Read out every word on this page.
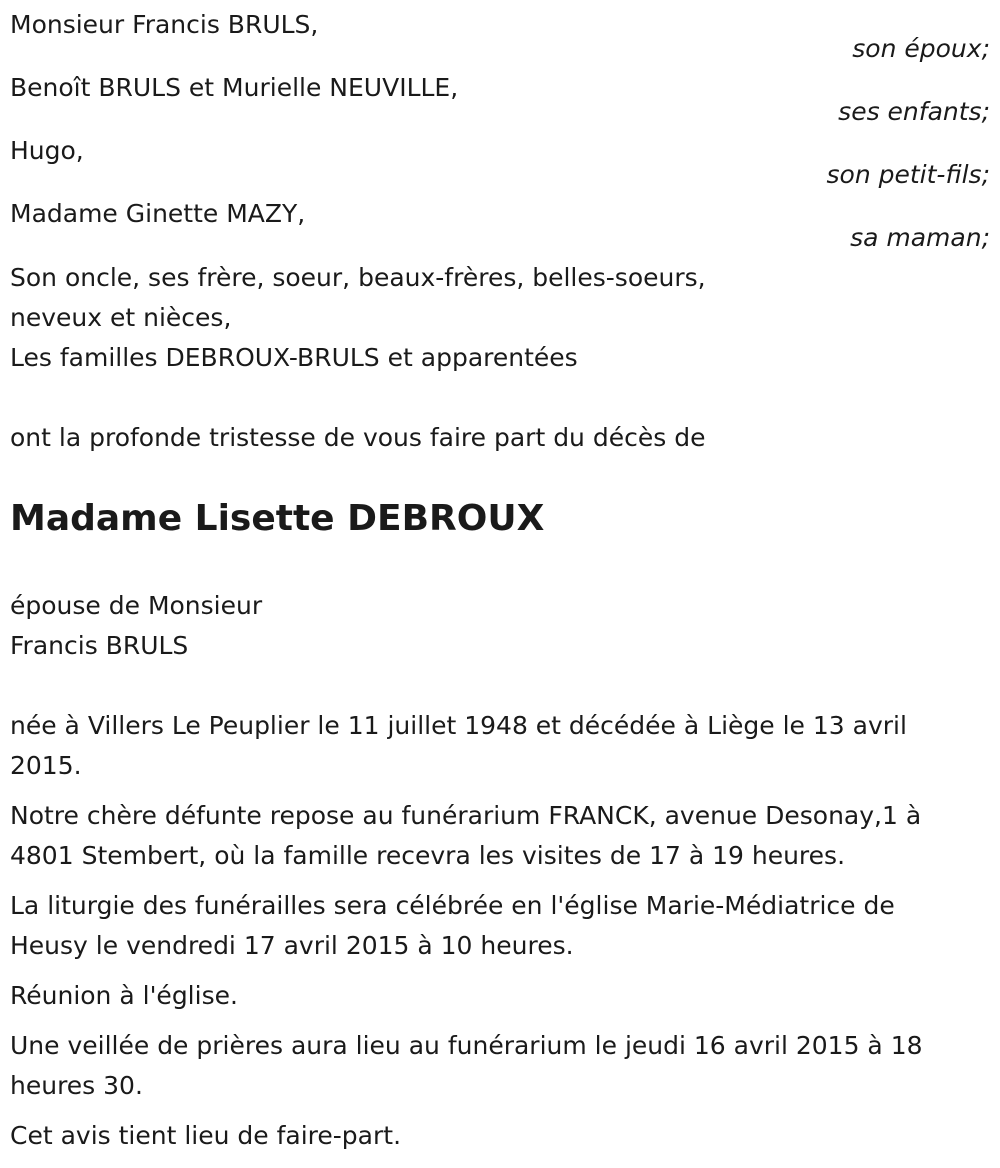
Monsieur Francis BRULS,
son époux;
Benoît BRULS et Murielle NEUVILLE,
ses enfants;
Hugo,
son petit-fils;
Madame Ginette MAZY,
sa maman;
Son oncle, ses frère, soeur, beaux-frères, belles-soeurs,
neveux et nièces,
Les familles DEBROUX-BRULS et apparentées
ont la profonde tristesse de vous faire part du décès de
Madame Lisette DEBROUX
épouse de Monsieur
Francis BRULS
née à Villers Le Peuplier le 11 juillet 1948 et décédée à Liège le 13 avril
2015.
Notre chère défunte repose au funérarium FRANCK, avenue Desonay,1 à
4801 Stembert, où la famille recevra les visites de 17 à 19 heures.
La liturgie des funérailles sera célébrée en l'église Marie-Médiatrice de
Heusy le vendredi 17 avril 2015 à 10 heures.
Réunion à l'église.
Une veillée de prières aura lieu au funérarium le jeudi 16 avril 2015 à 18
heures 30.
Cet avis tient lieu de faire-part.
